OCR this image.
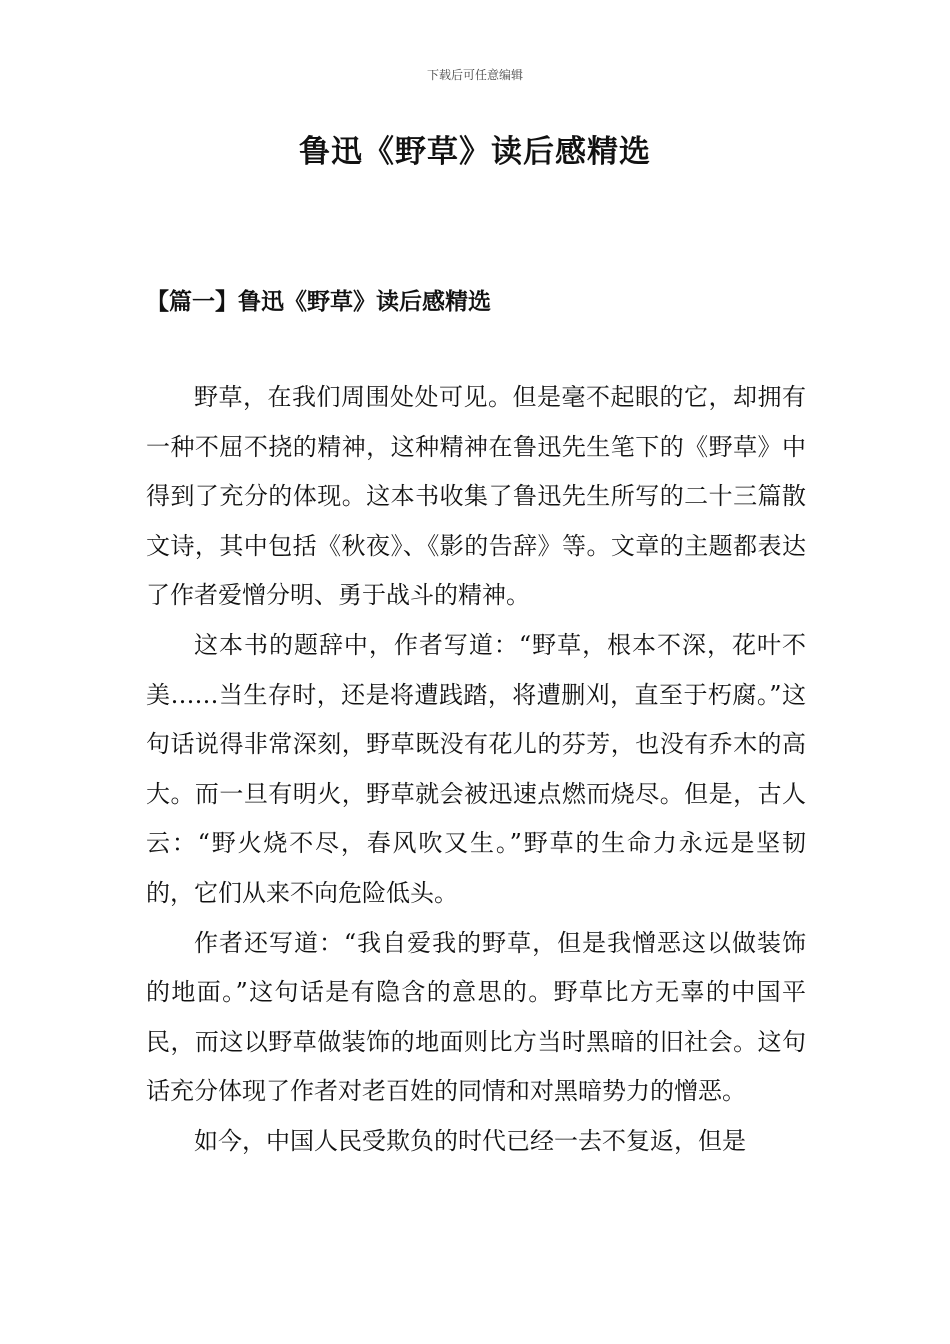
下载后可任意编辑
鲁迅《野草》读后感精选
【篇一】鲁迅《野草》读后感精选

野草，在我们周围处处可见。但是毫不起眼的它，却拥有一种不屈不挠的精神，这种精神在鲁迅先生笔下的《野草》中得到了充分的体现。这本书收集了鲁迅先生所写的二十三篇散文诗，其中包括《秋夜》、《影的告辞》等。文章的主题都表达了作者爱憎分明、勇于战斗的精神。

这本书的题辞中，作者写道：“野草，根本不深，花叶不美……当生存时，还是将遭践踏，将遭删刈，直至于朽腐。”这句话说得非常深刻，野草既没有花儿的芬芳，也没有乔木的高大。而一旦有明火，野草就会被迅速点燃而烧尽。但是，古人云：“野火烧不尽，春风吹又生。”野草的生命力永远是坚韧的，它们从来不向危险低头。

作者还写道：“我自爱我的野草，但是我憎恶这以做装饰的地面。”这句话是有隐含的意思的。野草比方无辜的中国平民，而这以野草做装饰的地面则比方当时黑暗的旧社会。这句话充分体现了作者对老百姓的同情和对黑暗势力的憎恶。

如今，中国人民受欺负的时代已经一去不复返，但是
